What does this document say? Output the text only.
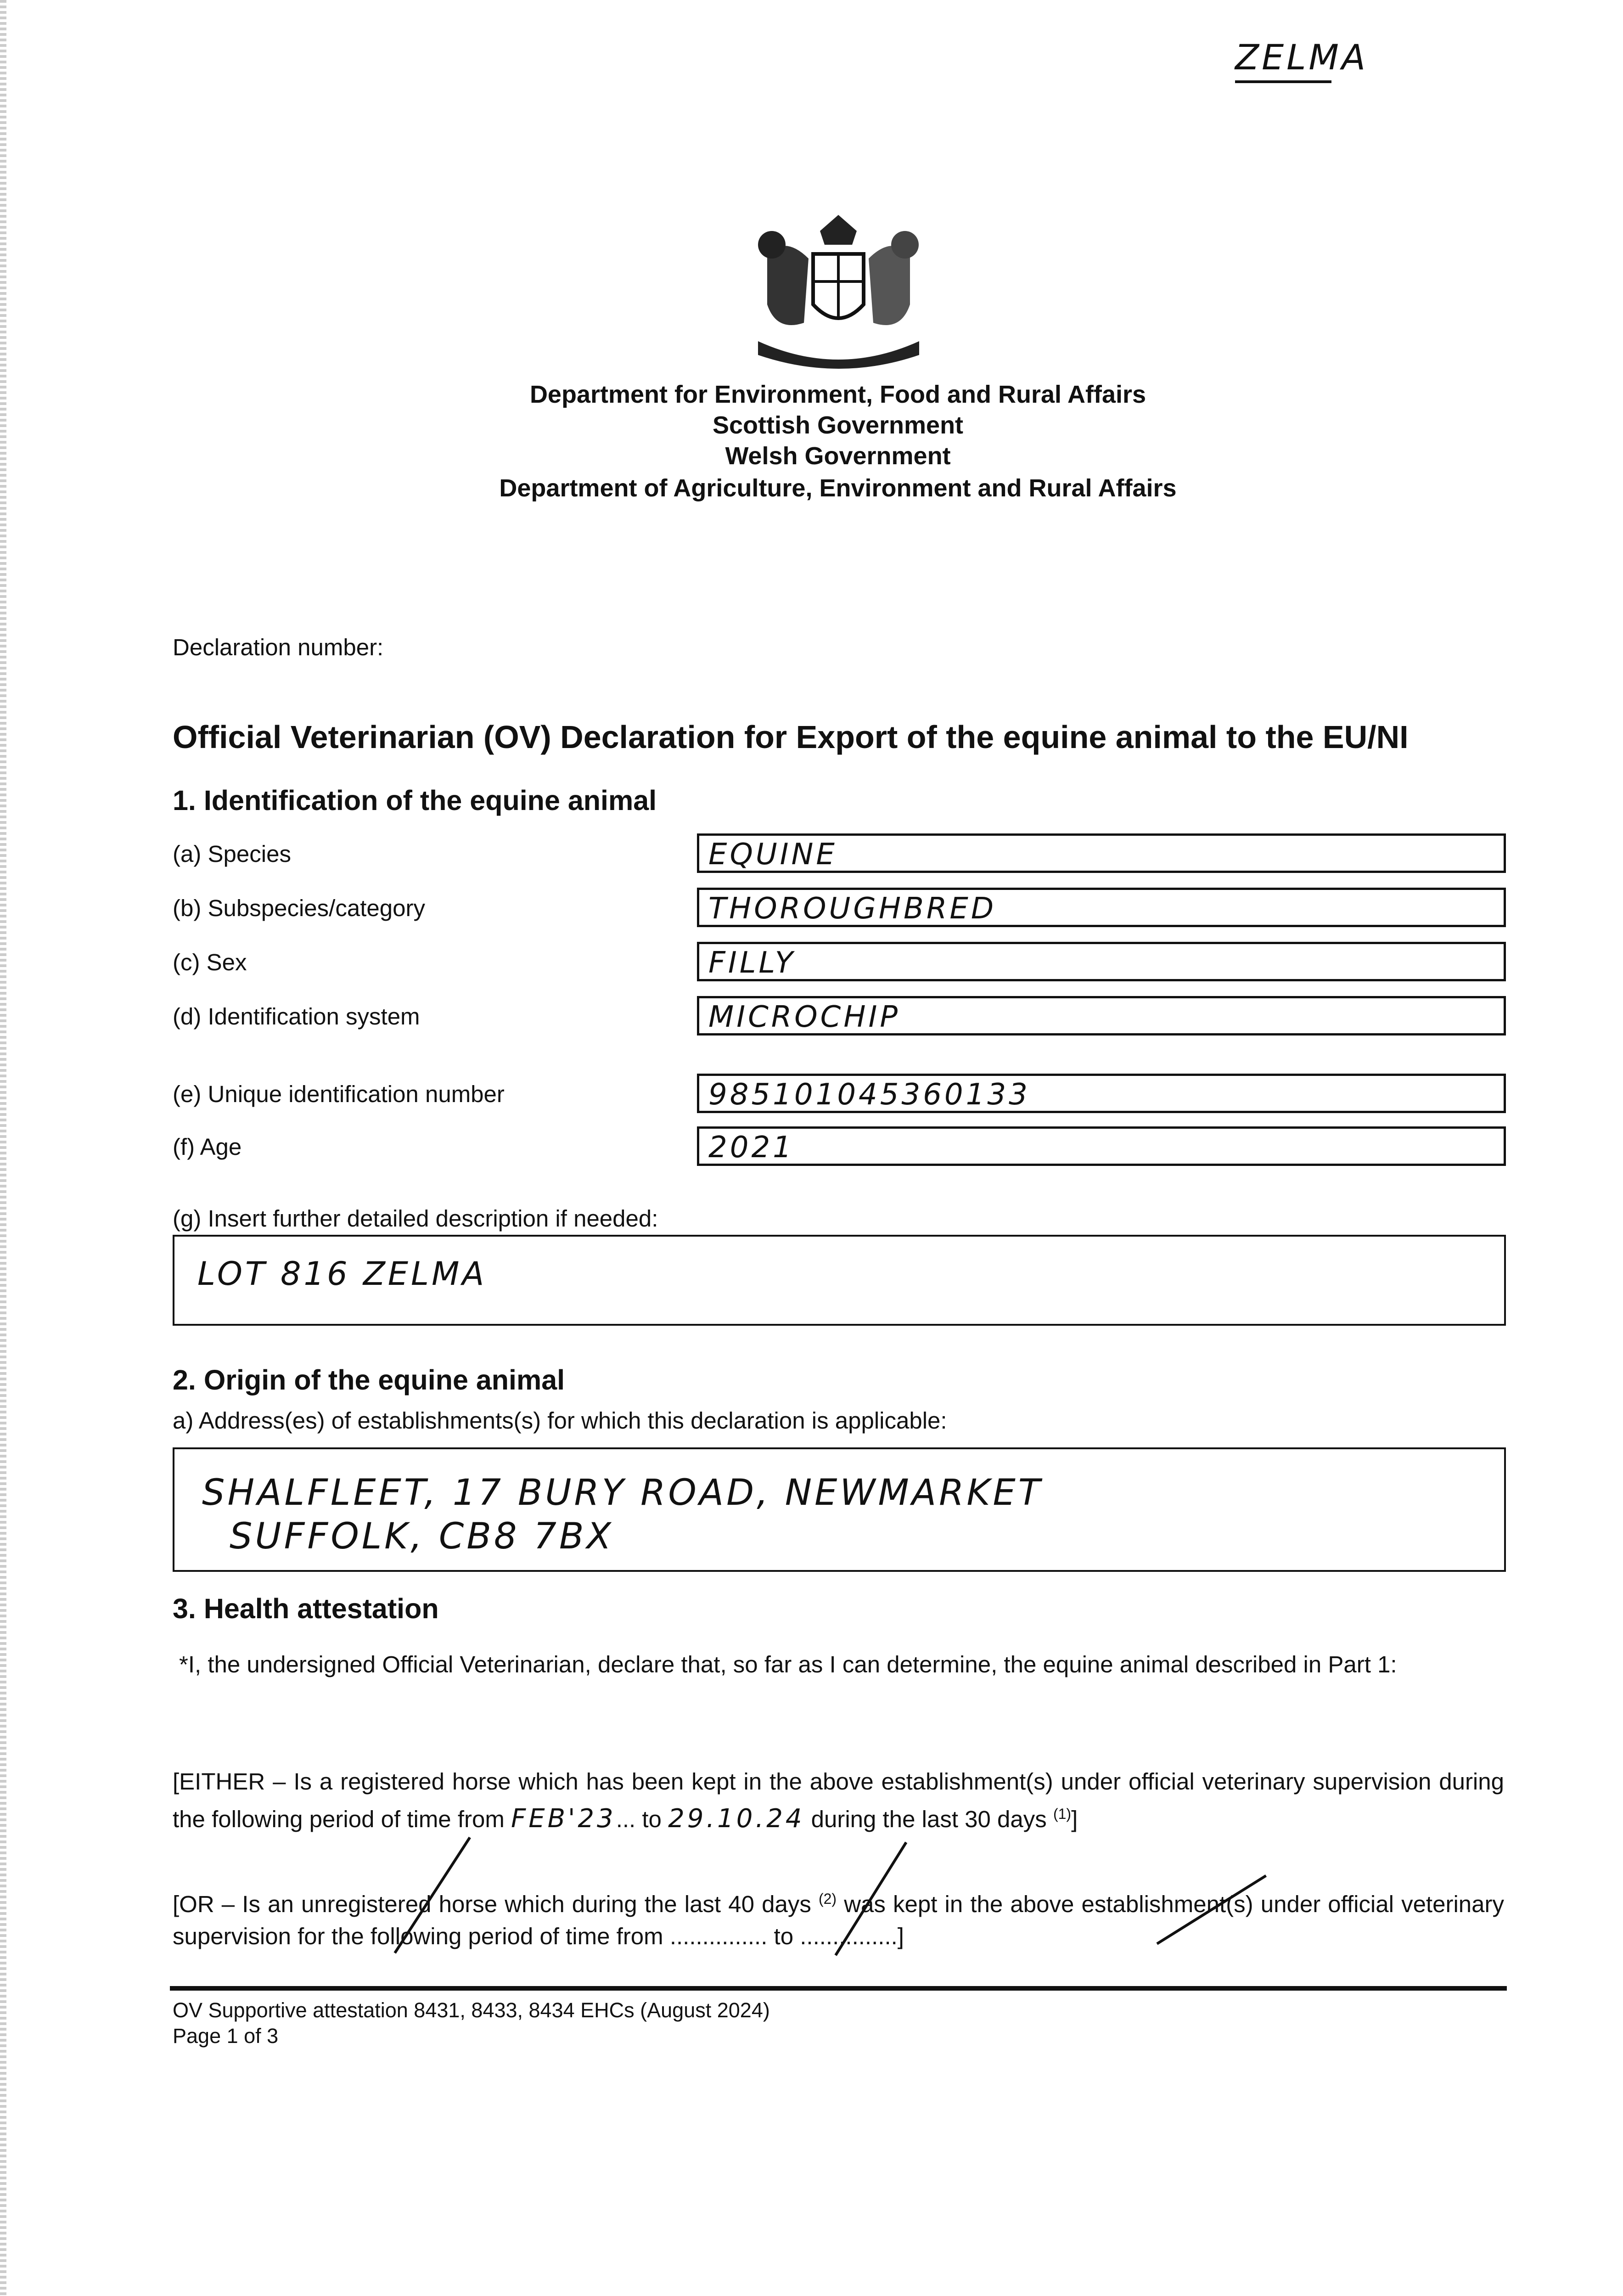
ZELMA
Department for Environment, Food and Rural Affairs
Scottish Government
Welsh Government
Department of Agriculture, Environment and Rural Affairs
Declaration number:
Official Veterinarian (OV) Declaration for Export of the equine animal to the EU/NI
1. Identification of the equine animal
(a) Species	EQUINE
(b) Subspecies/category	THOROUGHBRED
(c) Sex	FILLY
(d) Identification system	MICROCHIP
(e) Unique identification number	985101045360133
(f) Age	2021
(g) Insert further detailed description if needed:
LOT 816 ZELMA
2. Origin of the equine animal
a) Address(es) of establishments(s) for which this declaration is applicable:
SHALFLEET, 17 BURY ROAD, NEWMARKET
SUFFOLK, CB8 7BX
3. Health attestation
*I, the undersigned Official Veterinarian, declare that, so far as I can determine, the equine animal described in Part 1:
[EITHER – Is a registered horse which has been kept in the above establishment(s) under official veterinary supervision during the following period of time from FEB'23... to 29.10.24 during the last 30 days $^{(1)}$]
[OR – Is an unregistered horse which during the last 40 days $^{(2)}$ was kept in the above establishment(s) under official veterinary supervision for the following period of time from ............... to ...............]
OV Supportive attestation 8431, 8433, 8434 EHCs (August 2024)
Page 1 of 3
